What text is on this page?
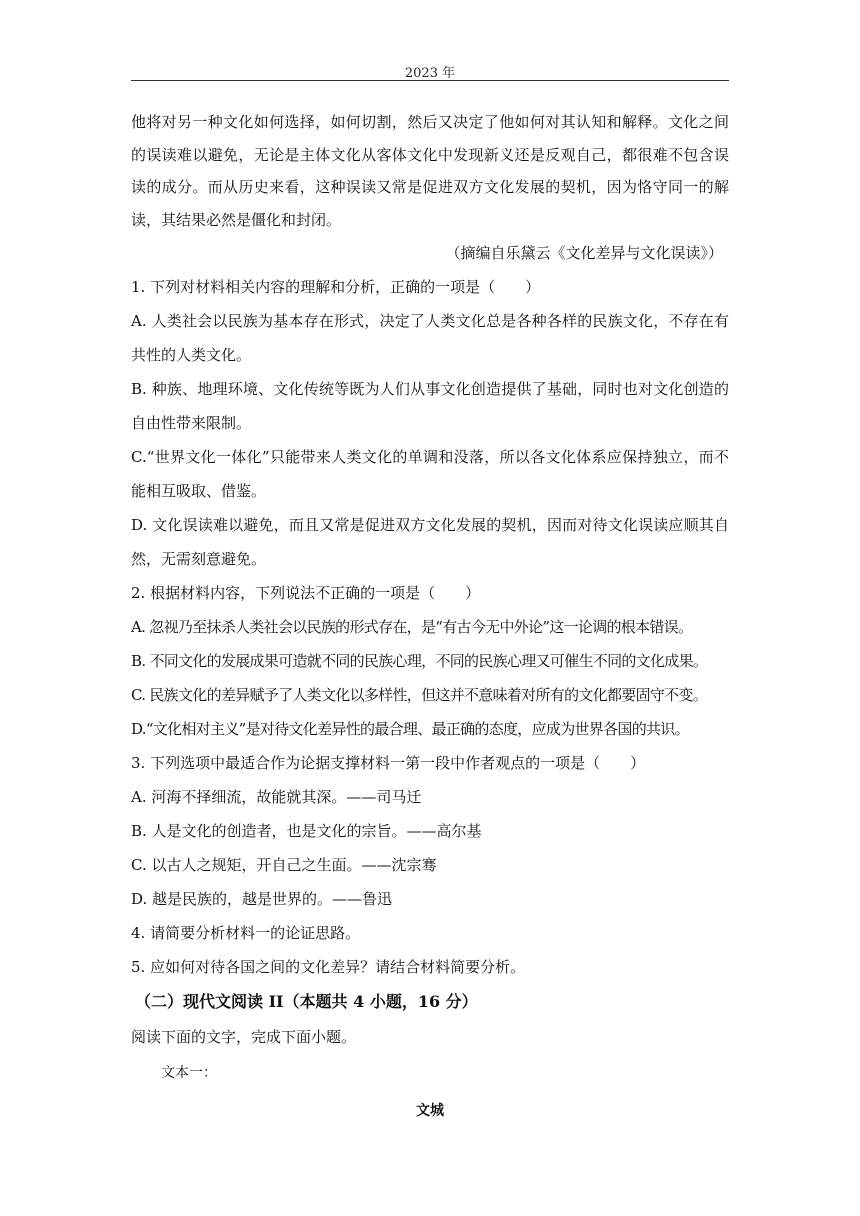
2023 年

他将对另一种文化如何选择，如何切割，然后又决定了他如何对其认知和解释。文化之间的误读难以避免，无论是主体文化从客体文化中发现新义还是反观自己，都很难不包含误读的成分。而从历史来看，这种误读又常是促进双方文化发展的契机，因为恪守同一的解读，其结果必然是僵化和封闭。

（摘编自乐黛云《文化差异与文化误读》）

1. 下列对材料相关内容的理解和分析，正确的一项是（　　）

A. 人类社会以民族为基本存在形式，决定了人类文化总是各种各样的民族文化，不存在有共性的人类文化。

B. 种族、地理环境、文化传统等既为人们从事文化创造提供了基础，同时也对文化创造的自由性带来限制。

C.“世界文化一体化”只能带来人类文化的单调和没落，所以各文化体系应保持独立，而不能相互吸取、借鉴。

D. 文化误读难以避免，而且又常是促进双方文化发展的契机，因而对待文化误读应顺其自然，无需刻意避免。

2. 根据材料内容，下列说法不正确的一项是（　　）

A. 忽视乃至抹杀人类社会以民族的形式存在，是“有古今无中外论”这一论调的根本错误。

B. 不同文化的发展成果可造就不同的民族心理，不同的民族心理又可催生不同的文化成果。

C. 民族文化的差异赋予了人类文化以多样性，但这并不意味着对所有的文化都要固守不变。

D.“文化相对主义”是对待文化差异性的最合理、最正确的态度，应成为世界各国的共识。

3. 下列选项中最适合作为论据支撑材料一第一段中作者观点的一项是（　　）

A. 河海不择细流，故能就其深。——司马迁

B. 人是文化的创造者，也是文化的宗旨。——高尔基

C. 以古人之规矩，开自己之生面。——沈宗骞

D. 越是民族的，越是世界的。——鲁迅

4. 请简要分析材料一的论证思路。

5. 应如何对待各国之间的文化差异？请结合材料简要分析。

（二）现代文阅读 II（本题共 4 小题，16 分）

阅读下面的文字，完成下面小题。

文本一：

文城
